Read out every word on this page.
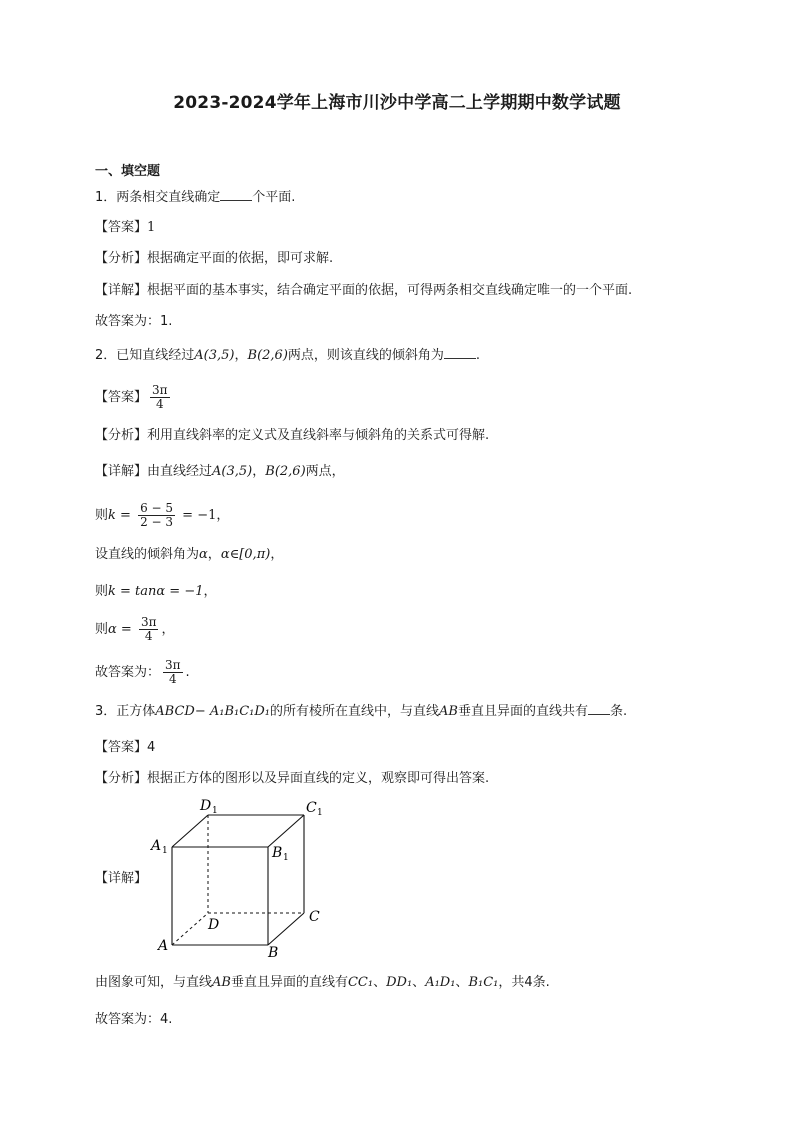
2023-2024学年上海市川沙中学高二上学期期中数学试题
一、填空题
1．两条相交直线确定 个平面.
【答案】1
【分析】根据确定平面的依据，即可求解.
【详解】根据平面的基本事实，结合确定平面的依据，可得两条相交直线确定唯一的一个平面.
故答案为：1.
2．已知直线经过A(3,5)，B(2,6)两点，则该直线的倾斜角为 .
【答案】 $\frac{3\pi}{4}$
【分析】利用直线斜率的定义式及直线斜率与倾斜角的关系式可得解.
【详解】由直线经过A(3,5)，B(2,6)两点，
则$k = \frac{6 - 5}{2 - 3} = -1$，
设直线的倾斜角为α，α∈[0,π)，
则k = tanα = −1，
则$\alpha = \frac{3\pi}{4}$ ，
故答案为： $\frac{3\pi}{4}$ .
3．正方体ABCD− A₁B₁C₁D₁的所有棱所在直线中，与直线AB垂直且异面的直线共有 条.
【答案】4
【分析】根据正方体的图形以及异面直线的定义，观察即可得出答案.
【详解】
D 1	C 1
A 1	B 1
D	C
A	B
由图象可知，与直线AB垂直且异面的直线有CC₁、DD₁、A₁D₁、B₁C₁，共4条.
故答案为：4.
